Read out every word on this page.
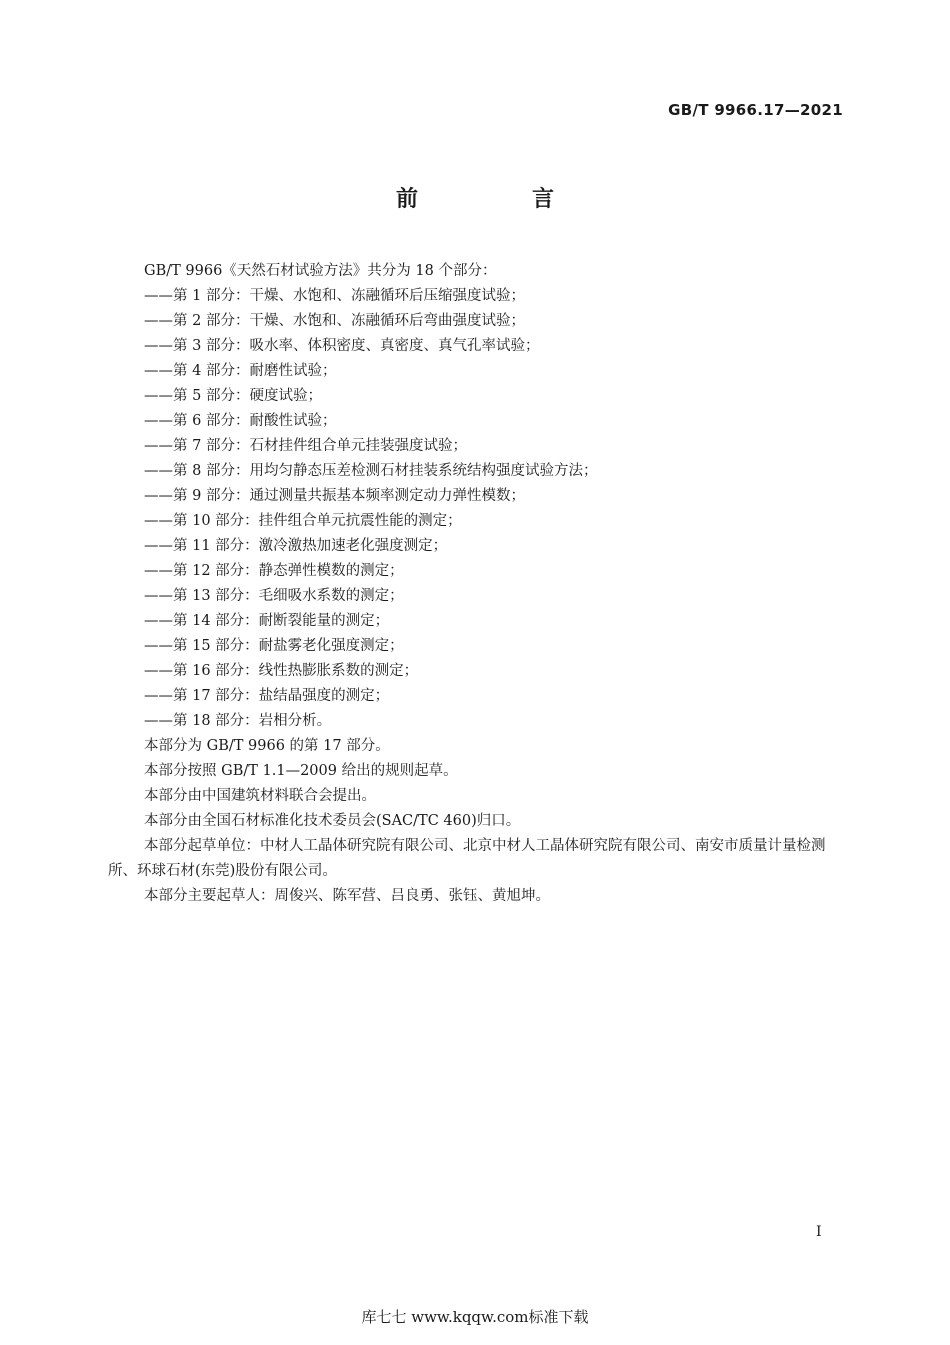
GB/T 9966.17—2021
前　言

GB/T 9966《天然石材试验方法》共分为 18 个部分：

——第 1 部分：干燥、水饱和、冻融循环后压缩强度试验；

——第 2 部分：干燥、水饱和、冻融循环后弯曲强度试验；

——第 3 部分：吸水率、体积密度、真密度、真气孔率试验；

——第 4 部分：耐磨性试验；

——第 5 部分：硬度试验；

——第 6 部分：耐酸性试验；

——第 7 部分：石材挂件组合单元挂装强度试验；

——第 8 部分：用均匀静态压差检测石材挂装系统结构强度试验方法；

——第 9 部分：通过测量共振基本频率测定动力弹性模数；

——第 10 部分：挂件组合单元抗震性能的测定；

——第 11 部分：激冷激热加速老化强度测定；

——第 12 部分：静态弹性模数的测定；

——第 13 部分：毛细吸水系数的测定；

——第 14 部分：耐断裂能量的测定；

——第 15 部分：耐盐雾老化强度测定；

——第 16 部分：线性热膨胀系数的测定；

——第 17 部分：盐结晶强度的测定；

——第 18 部分：岩相分析。

本部分为 GB/T 9966 的第 17 部分。

本部分按照 GB/T 1.1—2009 给出的规则起草。

本部分由中国建筑材料联合会提出。

本部分由全国石材标准化技术委员会(SAC/TC 460)归口。

本部分起草单位：中材人工晶体研究院有限公司、北京中材人工晶体研究院有限公司、南安市质量计量检测所、环球石材(东莞)股份有限公司。

本部分主要起草人：周俊兴、陈军营、吕良勇、张钰、黄旭坤。

I
库七七 www.kqqw.com标准下载
